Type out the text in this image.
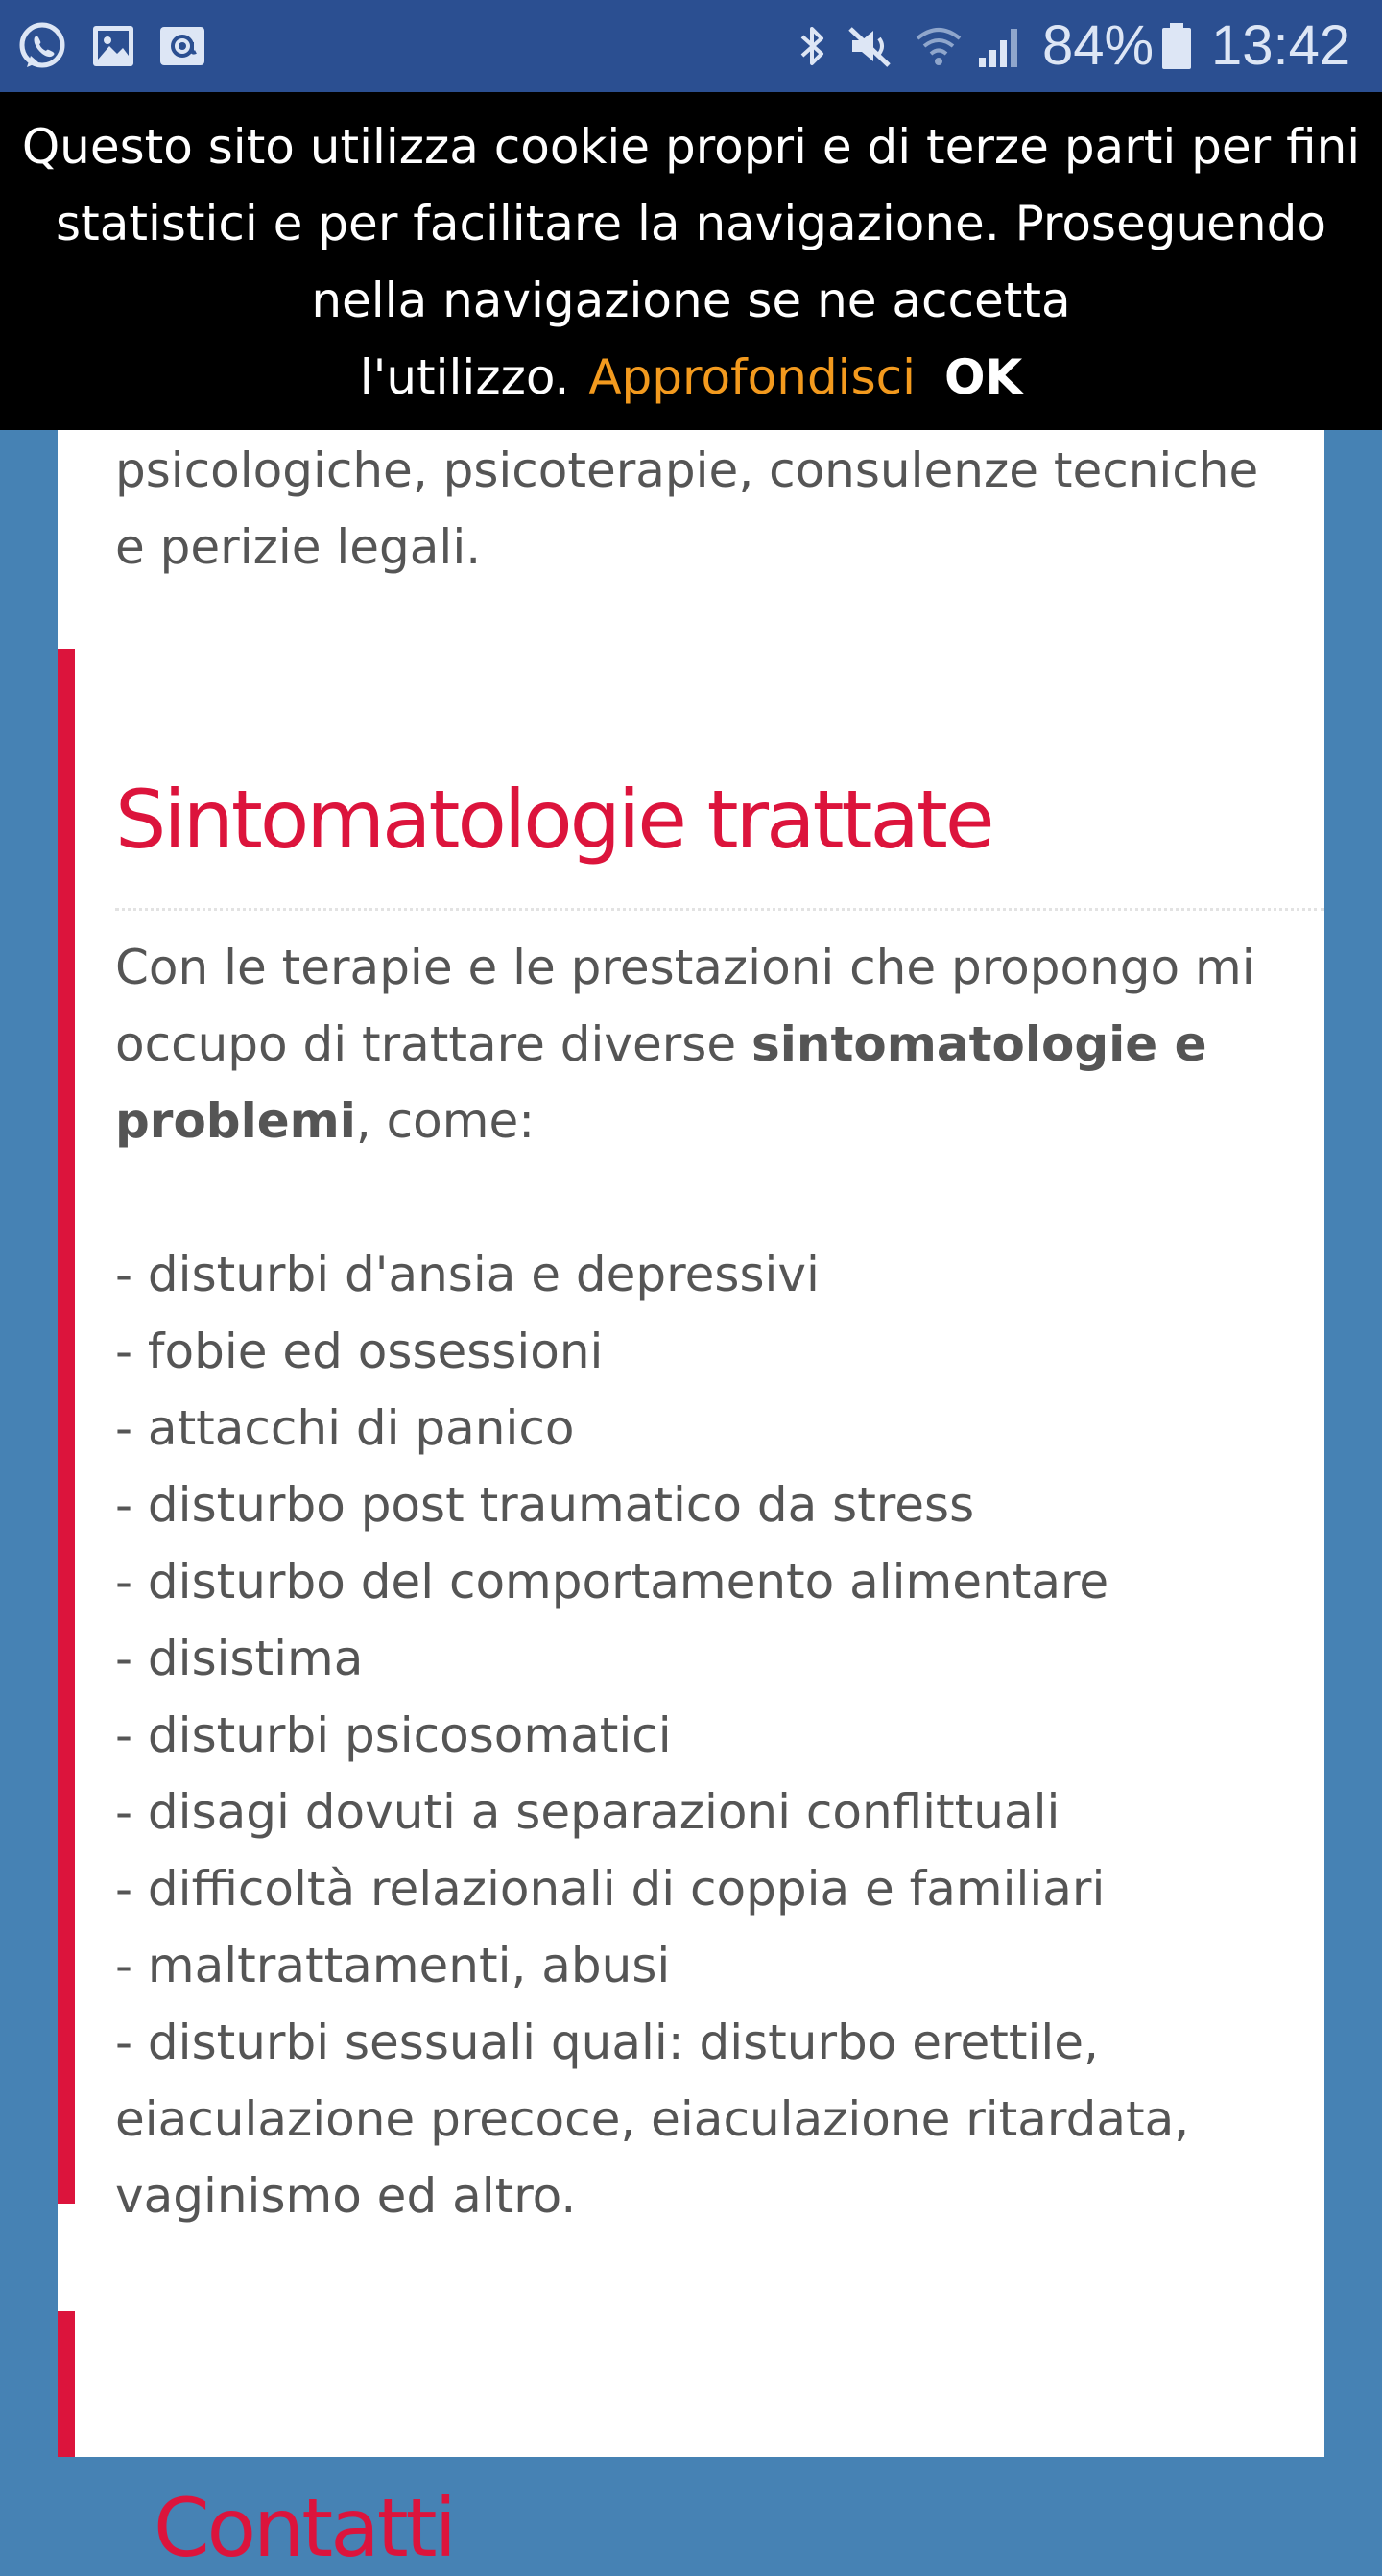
84% 13:42

psicologiche, psicoterapie, consulenze tecniche e perizie legali.

Sintomatologie trattate

Con le terapie e le prestazioni che propongo mi occupo di trattare diverse sintomatologie e problemi, come:

- disturbi d'ansia e depressivi
- fobie ed ossessioni
- attacchi di panico
- disturbo post traumatico da stress
- disturbo del comportamento alimentare
- disistima
- disturbi psicosomatici
- disagi dovuti a separazioni conflittuali
- difficoltà relazionali di coppia e familiari
- maltrattamenti, abusi
- disturbi sessuali quali: disturbo erettile, eiaculazione precoce, eiaculazione ritardata, vaginismo ed altro.
Contatti

Questo sito utilizza cookie propri e di terze parti per fini

statistici e per facilitare la navigazione. Proseguendo

nella navigazione se ne accetta

l'utilizzo. Approfondisci OK
